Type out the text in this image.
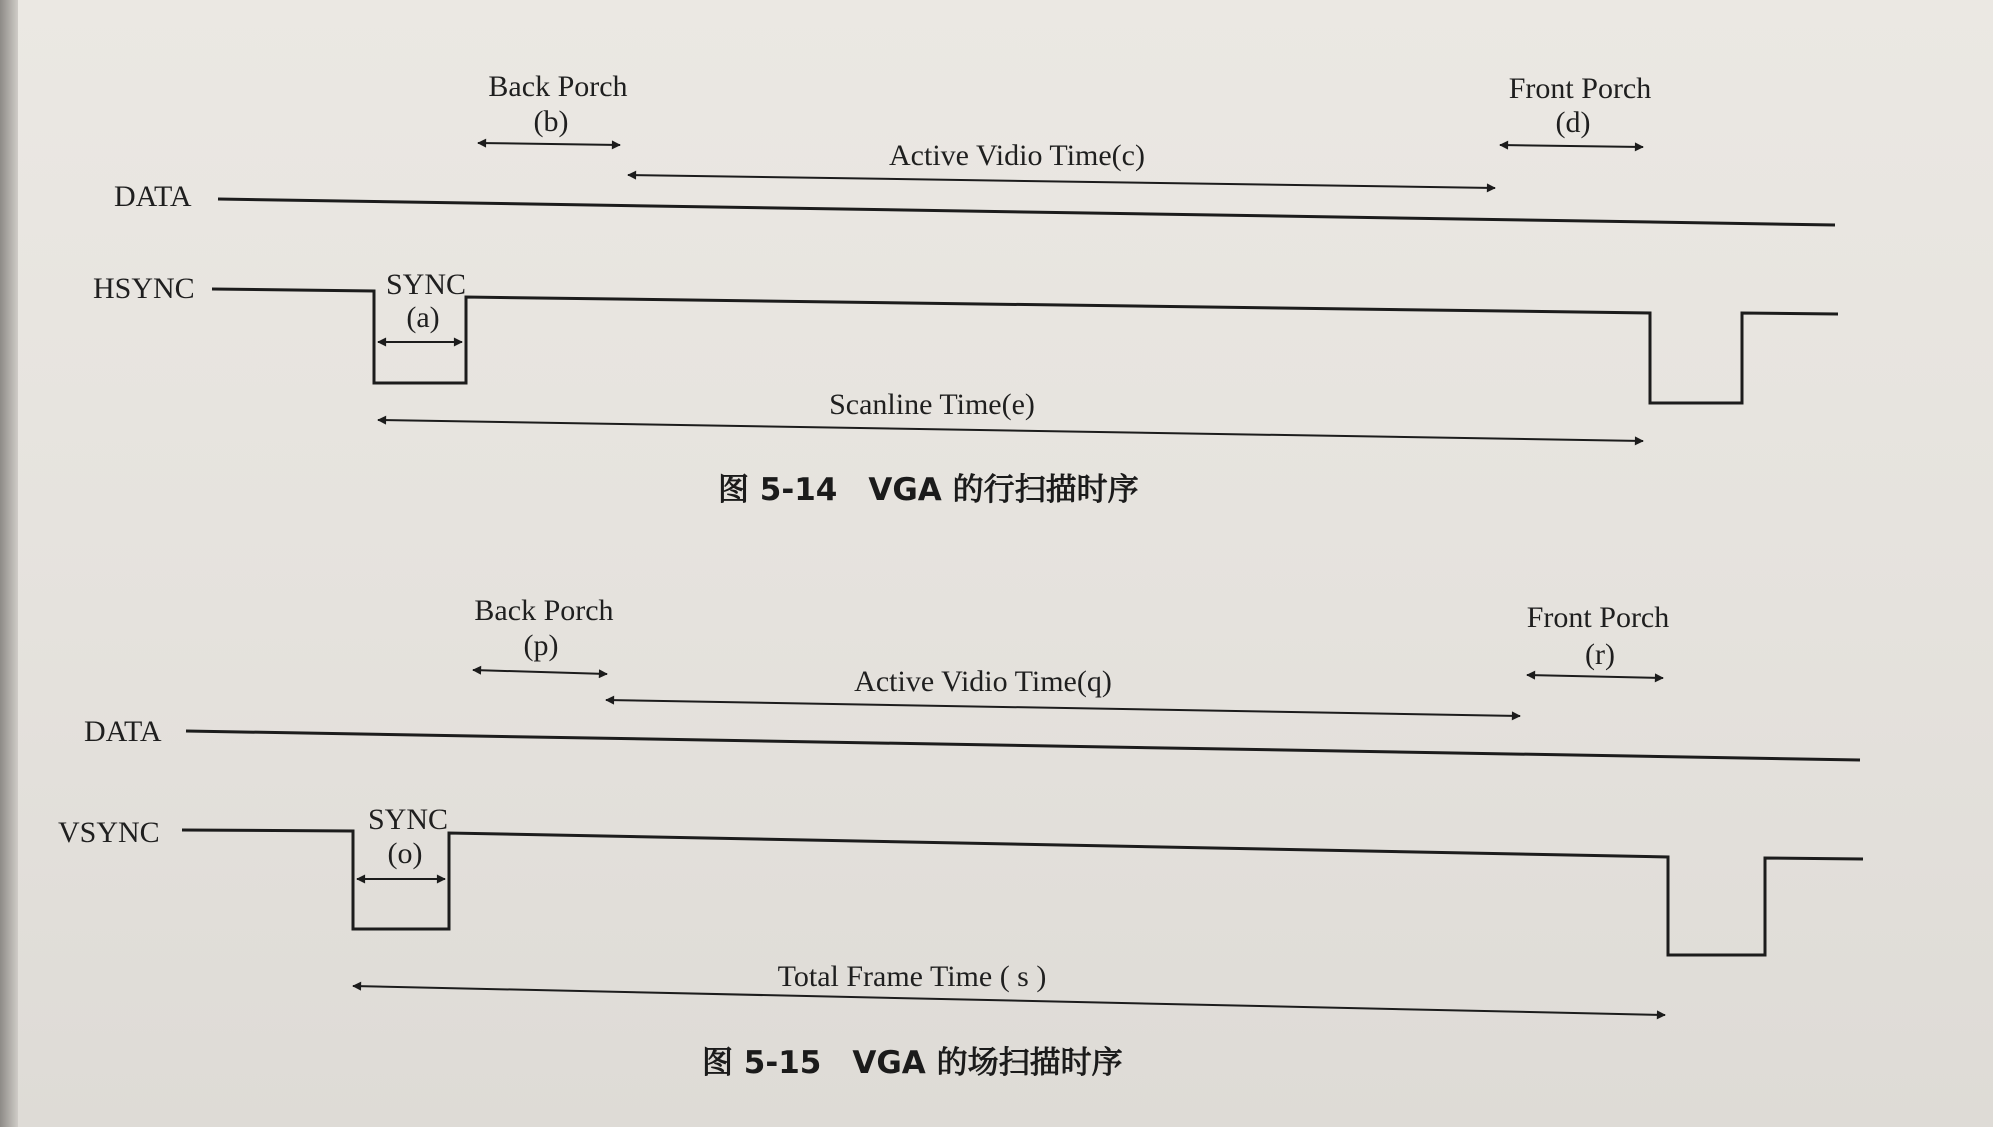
Back Porch
(b)
Front Porch
(d)
Active Vidio Time(c)
DATA
HSYNC	SYNC
(a)
Scanline Time(e)
图 5-14　VGA 的行扫描时序
Back Porch
(p)
Front Porch
(r)
Active Vidio Time(q)
DATA
VSYNC	SYNC
(o)
Total Frame Time ( s )
图 5-15　VGA 的场扫描时序
